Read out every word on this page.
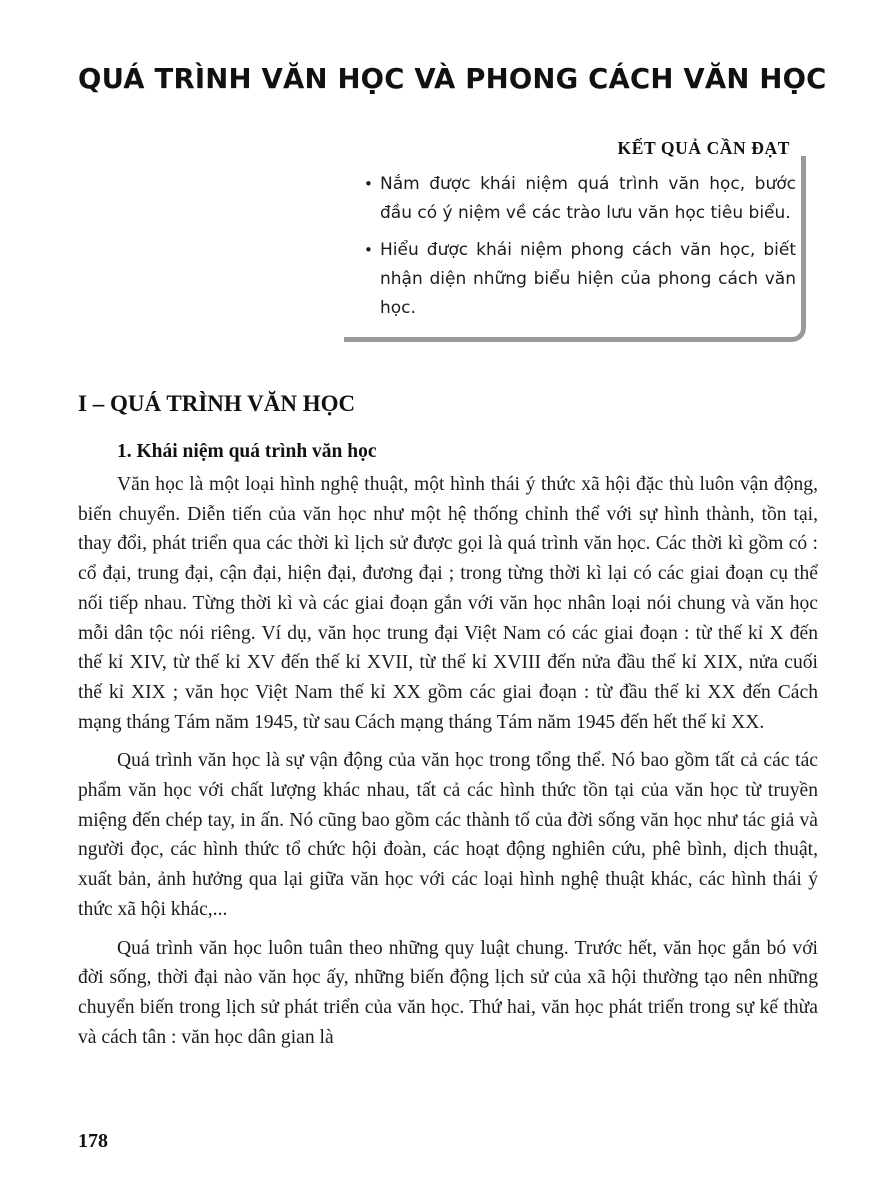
QUÁ TRÌNH VĂN HỌC VÀ PHONG CÁCH VĂN HỌC
KẾT QUẢ CẦN ĐẠT
• Nắm được khái niệm quá trình văn học, bước đầu có ý niệm về các trào lưu văn học tiêu biểu.
• Hiểu được khái niệm phong cách văn học, biết nhận diện những biểu hiện của phong cách văn học.
I – QUÁ TRÌNH VĂN HỌC
1. Khái niệm quá trình văn học

Văn học là một loại hình nghệ thuật, một hình thái ý thức xã hội đặc thù luôn vận động, biến chuyển. Diễn tiến của văn học như một hệ thống chỉnh thể với sự hình thành, tồn tại, thay đổi, phát triển qua các thời kì lịch sử được gọi là quá trình văn học. Các thời kì gồm có : cổ đại, trung đại, cận đại, hiện đại, đương đại ; trong từng thời kì lại có các giai đoạn cụ thể nối tiếp nhau. Từng thời kì và các giai đoạn gắn với văn học nhân loại nói chung và văn học mỗi dân tộc nói riêng. Ví dụ, văn học trung đại Việt Nam có các giai đoạn : từ thế kỉ X đến thế kỉ XIV, từ thế kỉ XV đến thế kỉ XVII, từ thế kỉ XVIII đến nửa đầu thế kỉ XIX, nửa cuối thế kỉ XIX ; văn học Việt Nam thế kỉ XX gồm các giai đoạn : từ đầu thế kỉ XX đến Cách mạng tháng Tám năm 1945, từ sau Cách mạng tháng Tám năm 1945 đến hết thế kỉ XX.

Quá trình văn học là sự vận động của văn học trong tổng thể. Nó bao gồm tất cả các tác phẩm văn học với chất lượng khác nhau, tất cả các hình thức tồn tại của văn học từ truyền miệng đến chép tay, in ấn. Nó cũng bao gồm các thành tố của đời sống văn học như tác giả và người đọc, các hình thức tổ chức hội đoàn, các hoạt động nghiên cứu, phê bình, dịch thuật, xuất bản, ảnh hưởng qua lại giữa văn học với các loại hình nghệ thuật khác, các hình thái ý thức xã hội khác,...

Quá trình văn học luôn tuân theo những quy luật chung. Trước hết, văn học gắn bó với đời sống, thời đại nào văn học ấy, những biến động lịch sử của xã hội thường tạo nên những chuyển biến trong lịch sử phát triển của văn học. Thứ hai, văn học phát triển trong sự kế thừa và cách tân : văn học dân gian là

178
